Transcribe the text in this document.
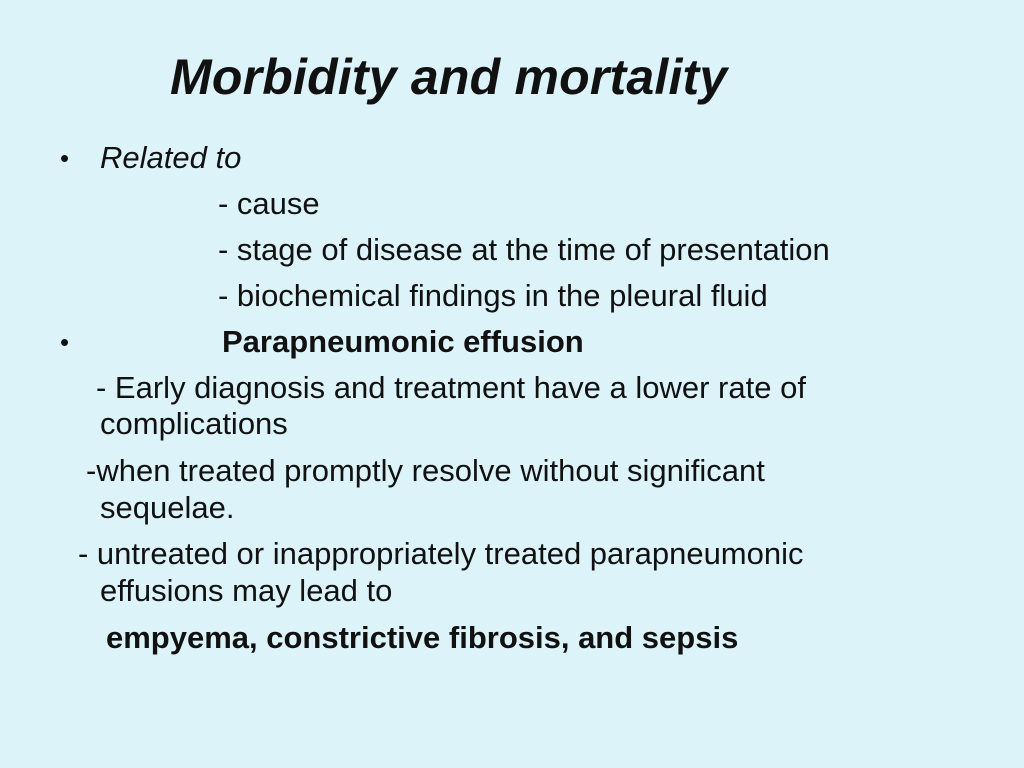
Morbidity and mortality
• Related to
- cause
- stage of disease at the time of presentation
- biochemical findings in the pleural fluid
•	Parapneumonic effusion
- Early diagnosis and treatment have a lower rate of
complications
-when treated promptly resolve without significant
sequelae.
- untreated or inappropriately treated parapneumonic
effusions may lead to
empyema, constrictive fibrosis, and sepsis
